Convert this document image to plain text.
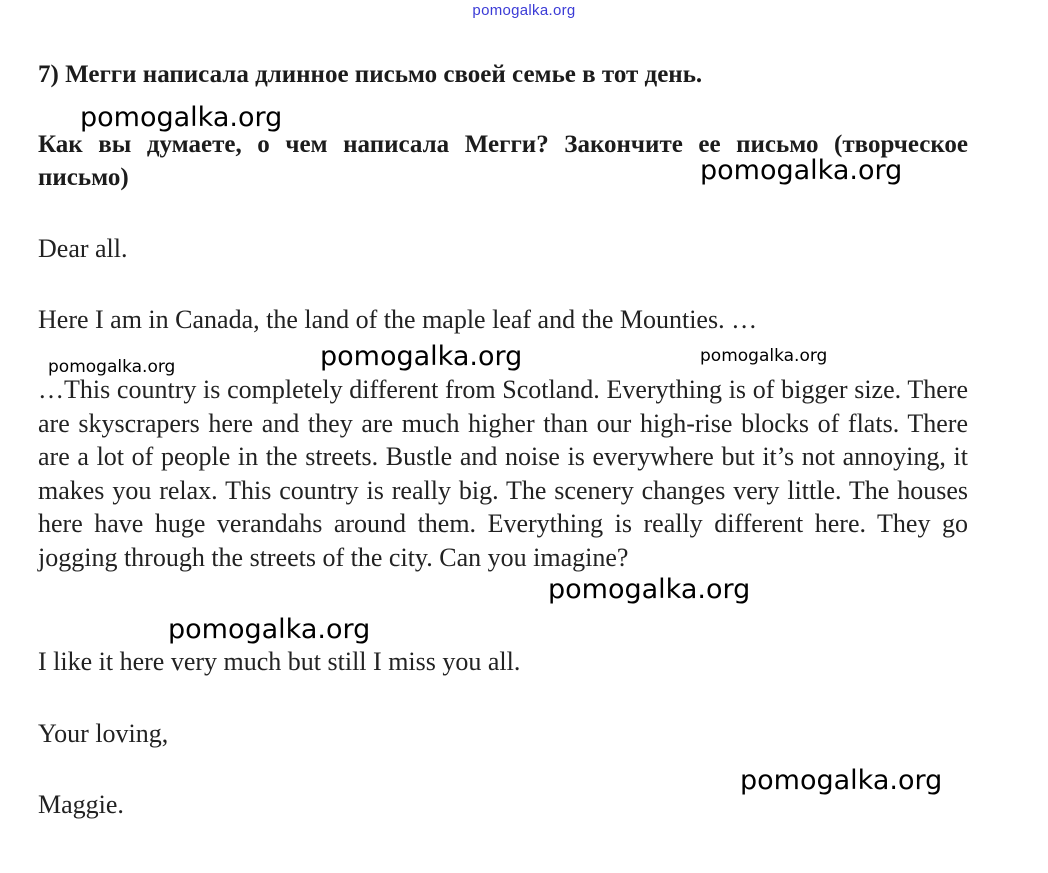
pomogalka.org
7) Мегги написала длинное письмо своей семье в тот день.
Как вы думаете, о чем написала Мегги? Закончите ее письмо (творческое письмо)
Dear all.
Here I am in Canada, the land of the maple leaf and the Mounties. …
…This country is completely different from Scotland. Everything is of bigger size. There are skyscrapers here and they are much higher than our high-rise blocks of flats. There are a lot of people in the streets. Bustle and noise is everywhere but it’s not annoying, it makes you relax. This country is really big. The scenery changes very little. The houses here have huge verandahs around them. Everything is really different here. They go jogging through the streets of the city. Can you imagine?
I like it here very much but still I miss you all.
Your loving,
Maggie.
pomogalka.org
pomogalka.org
pomogalka.org	pomogalka.org	pomogalka.org
pomogalka.org
pomogalka.org
pomogalka.org
